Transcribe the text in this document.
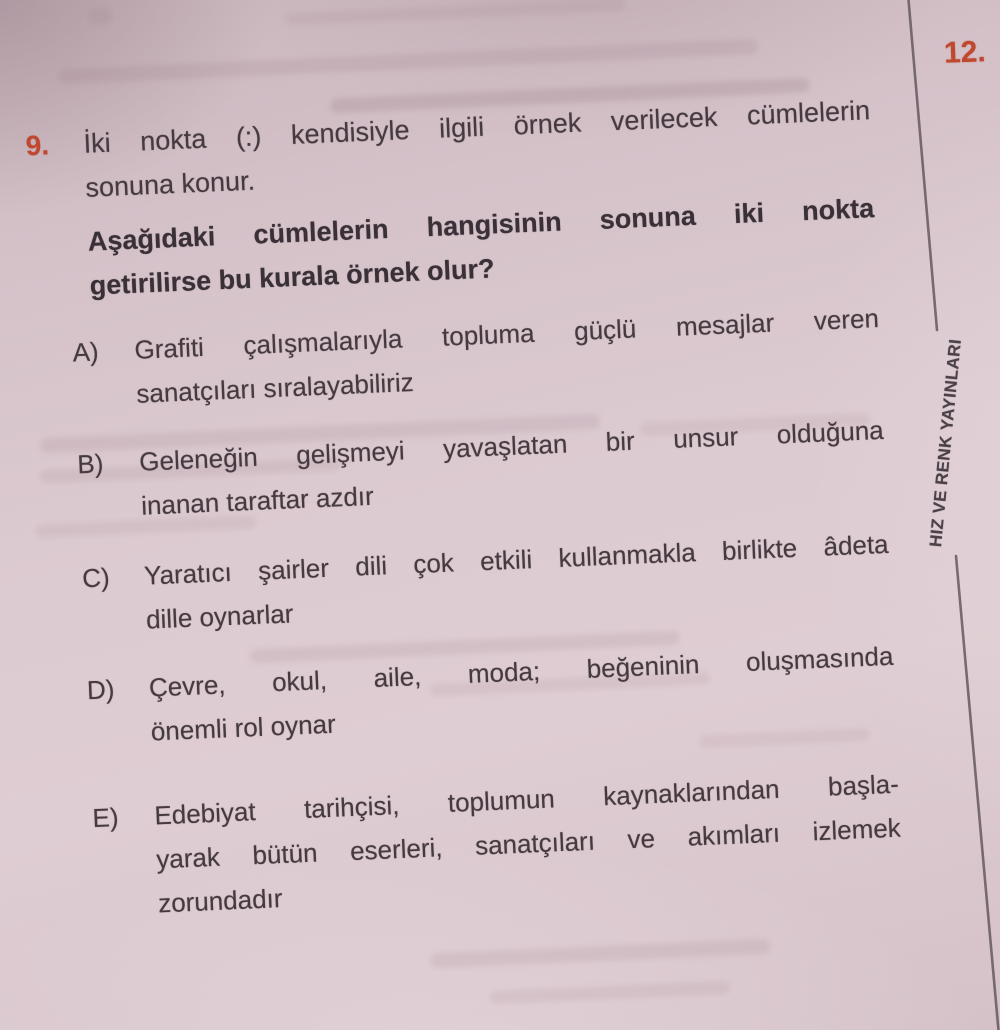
12.
HIZ VE RENK YAYINLARI
9.	İki nokta (:) kendisiyle ilgili örnek verilecek cümlelerin
sonuna konur.
Aşağıdaki cümlelerin hangisinin sonuna iki nokta
getirilirse bu kurala örnek olur?
A)	Grafiti çalışmalarıyla topluma güçlü mesajlar veren
sanatçıları sıralayabiliriz
B)	Geleneğin gelişmeyi yavaşlatan bir unsur olduğuna
inanan taraftar azdır
C)	Yaratıcı şairler dili çok etkili kullanmakla birlikte âdeta
dille oynarlar
D)	Çevre, okul, aile, moda; beğeninin oluşmasında
önemli rol oynar
E)	Edebiyat tarihçisi, toplumun kaynaklarından başla-
yarak bütün eserleri, sanatçıları ve akımları izlemek
zorundadır
